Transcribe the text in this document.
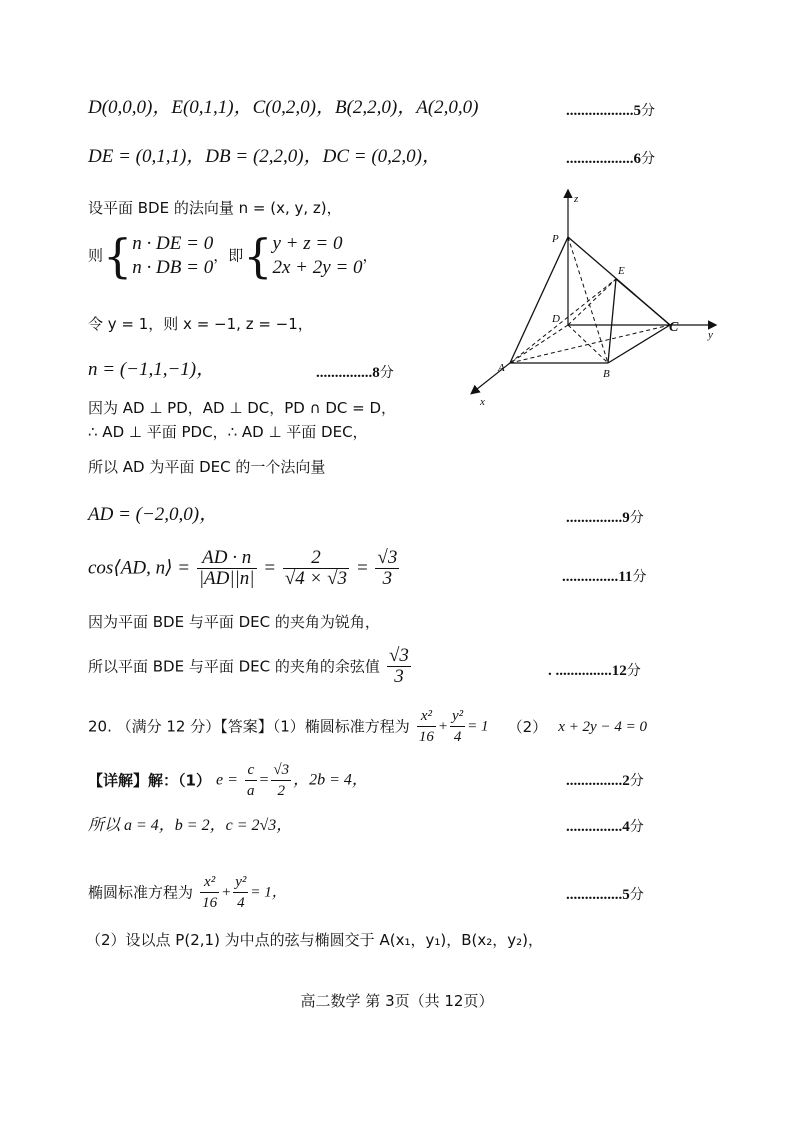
D(0,0,0)，E(0,1,1)，C(0,2,0)，B(2,2,0)，A(2,0,0)	..................5分
DE = (0,1,1)，DB = (2,2,0)，DC = (0,2,0)，	..................6分
设平面 BDE 的法向量 n = (x, y, z)，
则{ n · DE = 0
n · DB = 0
，即{ y + z = 0
2x + 2y = 0
，
令 y = 1，则 x = −1, z = −1，
n = (−1,1,−1)，	...............8分
因为 AD ⊥ PD，AD ⊥ DC，PD ∩ DC = D，
∴ AD ⊥ 平面 PDC，∴ AD ⊥ 平面 DEC，
所以 AD 为平面 DEC 的一个法向量
AD = (−2,0,0)，	...............9分
cos⟨AD, n⟩ = $\frac{AD \cdot n}{|AD||n|} = \frac{2}{√4 \times √3} = \frac{√3}{3}$	...............11分
因为平面 BDE 与平面 DEC 的夹角为锐角，
所以平面 BDE 与平面 DEC 的夹角的余弦值 $\frac{√3}{3}$	. ...............12分
20. （满分 12 分）【答案】（1）椭圆标准方程为 $\frac{\text{x²}}{16} + \frac{\text{y²}}{4} = 1$ （2） x + 2y − 4 = 0
【详解】解：（1） $e = \frac{c}{a} = \frac{√3}{2}$ ，2b = 4，	...............2分
所以 a = 4，b = 2，c = 2√3，	...............4分
椭圆标准方程为 $\frac{\text{x²}}{16} + \frac{\text{y²}}{4} = 1$，	...............5分
（2）设以点 P(2,1) 为中点的弦与椭圆交于 A(x₁，y₁)，B(x₂，y₂)，
高二数学 第 3页（共 12页）
z
y
x
P
E
D
C
A	B
